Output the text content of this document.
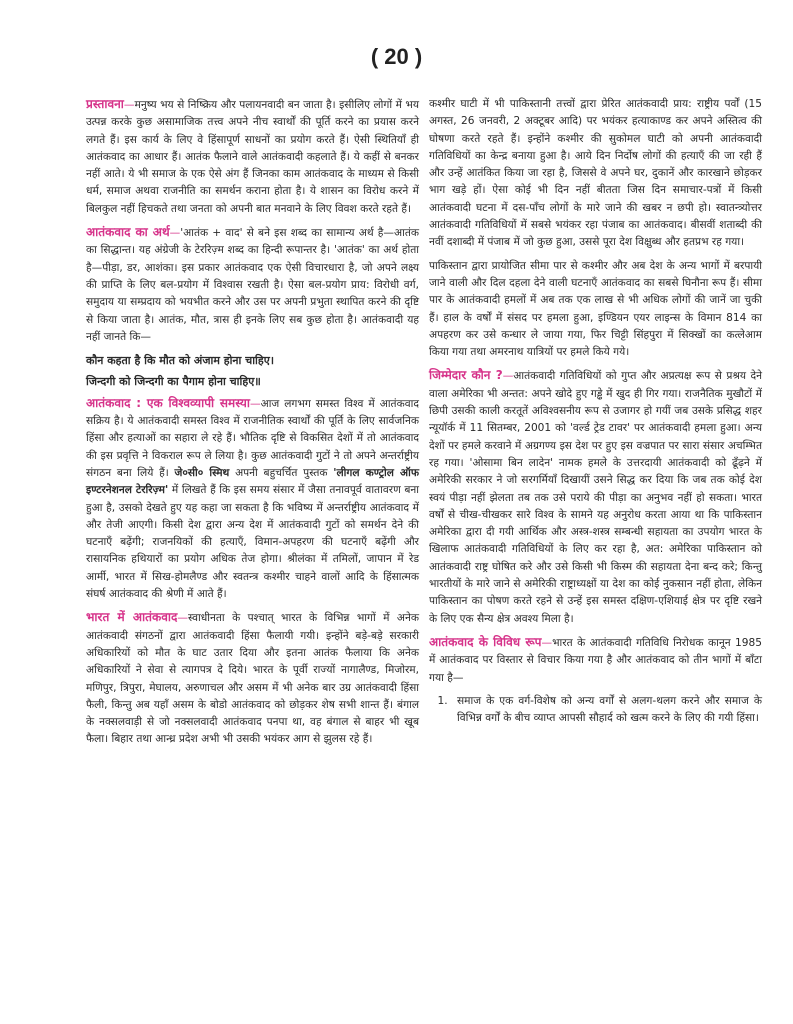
( 20 )

प्रस्तावना—मनुष्य भय से निष्क्रिय और पलायनवादी बन जाता है। इसीलिए लोगों में भय उत्पन्न करके कुछ असामाजिक तत्त्व अपने नीच स्वार्थों की पूर्ति करने का प्रयास करने लगते हैं। इस कार्य के लिए वे हिंसापूर्ण साधनों का प्रयोग करते हैं। ऐसी स्थितियाँ ही आतंकवाद का आधार हैं। आतंक फैलाने वाले आतंकवादी कहलाते हैं। ये कहीं से बनकर नहीं आते। ये भी समाज के एक ऐसे अंग हैं जिनका काम आतंकवाद के माध्यम से किसी धर्म, समाज अथवा राजनीति का समर्थन कराना होता है। ये शासन का विरोध करने में बिलकुल नहीं हिचकते तथा जनता को अपनी बात मनवाने के लिए विवश करते रहते हैं।

आतंकवाद का अर्थ—'आतंक + वाद' से बने इस शब्द का सामान्य अर्थ है—आतंक का सिद्धान्त। यह अंग्रेजी के टेररिज़्म शब्द का हिन्दी रूपान्तर है। 'आतंक' का अर्थ होता है—पीड़ा, डर, आशंका। इस प्रकार आतंकवाद एक ऐसी विचारधारा है, जो अपने लक्ष्य की प्राप्ति के लिए बल-प्रयोग में विश्वास रखती है। ऐसा बल-प्रयोग प्राय: विरोधी वर्ग, समुदाय या सम्प्रदाय को भयभीत करने और उस पर अपनी प्रभुता स्थापित करने की दृष्टि से किया जाता है। आतंक, मौत, त्रास ही इनके लिए सब कुछ होता है। आतंकवादी यह नहीं जानते कि—

कौन कहता है कि मौत को अंजाम होना चाहिए।
जिन्दगी को जिन्दगी का पैगाम होना चाहिए॥

आतंकवाद : एक विश्वव्यापी समस्या—आज लगभग समस्त विश्व में आतंकवाद सक्रिय है। ये आतंकवादी समस्त विश्व में राजनीतिक स्वार्थों की पूर्ति के लिए सार्वजनिक हिंसा और हत्याओं का सहारा ले रहे हैं। भौतिक दृष्टि से विकसित देशों में तो आतंकवाद की इस प्रवृत्ति ने विकराल रूप ले लिया है। कुछ आतंकवादी गुटों ने तो अपने अन्तर्राष्ट्रीय संगठन बना लिये हैं। जे०सी० स्मिथ अपनी बहुचर्चित पुस्तक 'लीगल कण्ट्रोल ऑफ इण्टरनेशनल टेररिज़्म' में लिखते हैं कि इस समय संसार में जैसा तनावपूर्व वातावरण बना हुआ है, उसको देखते हुए यह कहा जा सकता है कि भविष्य में अन्तर्राष्ट्रीय आतंकवाद में और तेजी आएगी। किसी देश द्वारा अन्य देश में आतंकवादी गुटों को समर्थन देने की घटनाएँ बढ़ेंगी; राजनयिकों की हत्याएँ, विमान-अपहरण की घटनाएँ बढ़ेंगी और रासायनिक हथियारों का प्रयोग अधिक तेज होगा। श्रीलंका में तमिलों, जापान में रेड आर्मी, भारत में सिख-होमलैण्ड और स्वतन्त्र कश्मीर चाहने वालों आदि के हिंसात्मक संघर्ष आतंकवाद की श्रेणी में आते हैं।

भारत में आतंकवाद—स्वाधीनता के पश्चात् भारत के विभिन्न भागों में अनेक आतंकवादी संगठनों द्वारा आतंकवादी हिंसा फैलायी गयी। इन्होंने बड़े-बड़े सरकारी अधिकारियों को मौत के घाट उतार दिया और इतना आतंक फैलाया कि अनेक अधिकारियों ने सेवा से त्यागपत्र दे दिये। भारत के पूर्वी राज्यों नागालैण्ड, मिजोरम, मणिपुर, त्रिपुरा, मेघालय, अरुणाचल और असम में भी अनेक बार उग्र आतंकवादी हिंसा फैली, किन्तु अब यहाँ असम के बोडो आतंकवाद को छोड़कर शेष सभी शान्त हैं। बंगाल के नक्सलवाड़ी से जो नक्सलवादी आतंकवाद पनपा था, वह बंगाल से बाहर भी खूब फैला। बिहार तथा आन्ध्र प्रदेश अभी भी उसकी भयंकर आग से झुलस रहे हैं।

कश्मीर घाटी में भी पाकिस्तानी तत्त्वों द्वारा प्रेरित आतंकवादी प्राय: राष्ट्रीय पर्वों (15 अगस्त, 26 जनवरी, 2 अक्टूबर आदि) पर भयंकर हत्याकाण्ड कर अपने अस्तित्व की घोषणा करते रहते हैं। इन्होंने कश्मीर की सुकोमल घाटी को अपनी आतंकवादी गतिविधियों का केन्द्र बनाया हुआ है। आये दिन निर्दोष लोगों की हत्याएँ की जा रही हैं और उन्हें आतंकित किया जा रहा है, जिससे वे अपने घर, दुकानें और कारखाने छोड़कर भाग खड़े हों। ऐसा कोई भी दिन नहीं बीतता जिस दिन समाचार-पत्रों में किसी आतंकवादी घटना में दस-पाँच लोगों के मारे जाने की खबर न छपी हो। स्वातन्त्र्योत्तर आतंकवादी गतिविधियों में सबसे भयंकर रहा पंजाब का आतंकवाद। बीसवीं शताब्दी की नवीं दशाब्दी में पंजाब में जो कुछ हुआ, उससे पूरा देश विक्षुब्ध और हतप्रभ रह गया।

पाकिस्तान द्वारा प्रायोजित सीमा पार से कश्मीर और अब देश के अन्य भागों में बरपायी जाने वाली और दिल दहला देने वाली घटनाएँ आतंकवाद का सबसे घिनौना रूप हैं। सीमा पार के आतंकवादी हमलों में अब तक एक लाख से भी अधिक लोगों की जानें जा चुकी हैं। हाल के वर्षों में संसद पर हमला हुआ, इण्डियन एयर लाइन्स के विमान 814 का अपहरण कर उसे कन्धार ले जाया गया, फिर चिट्टी सिंहपुरा में सिक्खों का कत्लेआम किया गया तथा अमरनाथ यात्रियों पर हमले किये गये।

जिम्मेदार कौन ?—आतंकवादी गतिविधियों को गुप्त और अप्रत्यक्ष रूप से प्रश्रय देने वाला अमेरिका भी अन्तत: अपने खोदे हुए गड्ढे में खुद ही गिर गया। राजनैतिक मुखौटों में छिपी उसकी काली करतूतें अविश्वसनीय रूप से उजागर हो गयीं जब उसके प्रसिद्ध शहर न्यूयॉर्क में 11 सितम्बर, 2001 को 'वर्ल्ड ट्रेड टावर' पर आतंकवादी हमला हुआ। अन्य देशों पर हमले करवाने में अग्रगण्य इस देश पर हुए इस वज्रपात पर सारा संसार अचम्भित रह गया। 'ओसामा बिन लादेन' नामक हमले के उत्तरदायी आतंकवादी को ढूँढ़ने में अमेरिकी सरकार ने जो सरगर्मियाँ दिखायीं उसने सिद्ध कर दिया कि जब तक कोई देश स्वयं पीड़ा नहीं झेलता तब तक उसे पराये की पीड़ा का अनुभव नहीं हो सकता। भारत वर्षों से चीख-चीखकर सारे विश्व के सामने यह अनुरोध करता आया था कि पाकिस्तान अमेरिका द्वारा दी गयी आर्थिक और अस्त्र-शस्त्र सम्बन्धी सहायता का उपयोग भारत के खिलाफ आतंकवादी गतिविधियों के लिए कर रहा है, अत: अमेरिका पाकिस्तान को आतंकवादी राष्ट्र घोषित करे और उसे किसी भी किस्म की सहायता देना बन्द करे; किन्तु भारतीयों के मारे जाने से अमेरिकी राष्ट्राध्यक्षों या देश का कोई नुकसान नहीं होता, लेकिन पाकिस्तान का पोषण करते रहने से उन्हें इस समस्त दक्षिण-एशियाई क्षेत्र पर दृष्टि रखने के लिए एक सैन्य क्षेत्र अवश्य मिला है।

आतंकवाद के विविध रूप—भारत के आतंकवादी गतिविधि निरोधक कानून 1985 में आतंकवाद पर विस्तार से विचार किया गया है और आतंकवाद को तीन भागों में बाँटा गया है—

1. समाज के एक वर्ग-विशेष को अन्य वर्गों से अलग-थलग करने और समाज के विभिन्न वर्गों के बीच व्याप्त आपसी सौहार्द को खत्म करने के लिए की गयी हिंसा।
